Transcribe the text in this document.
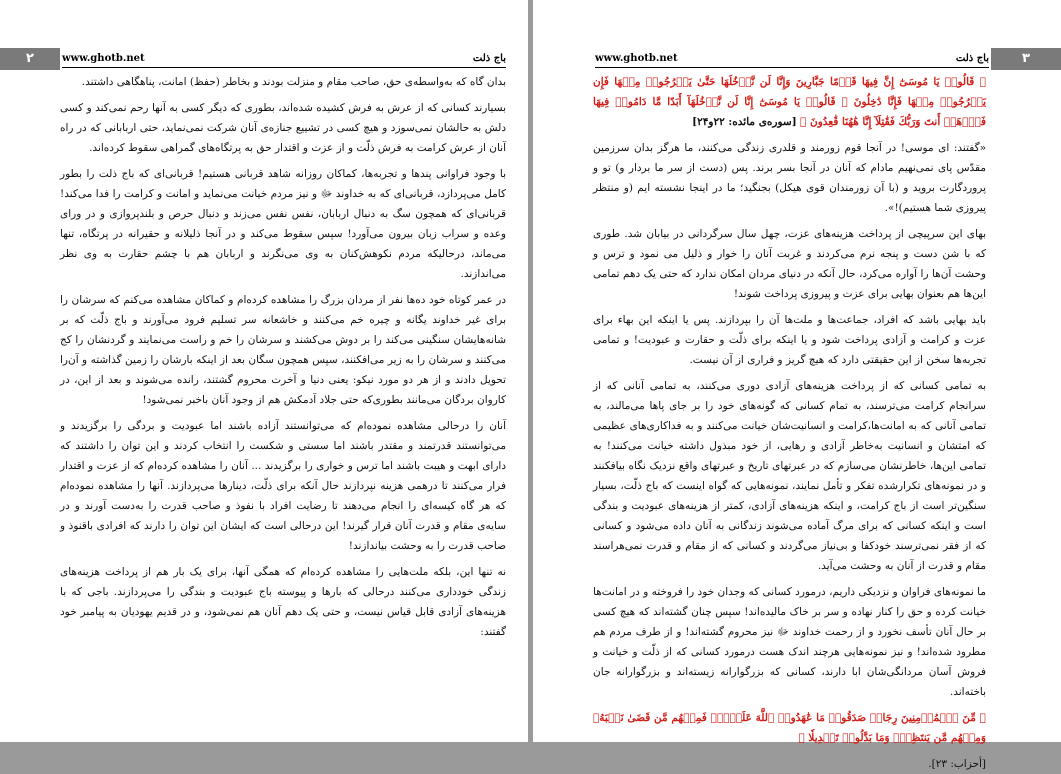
۲	www.ghotb.net	باج ذلت

بدان گاه که به‌واسطه‌ی حق، صاحب مقام و منزلت بودند و بخاطر (حفظ) امانت، پناهگاهی داشتند.

بسیارند کسانی که از عرش به فرش کشیده شده‌اند، بطوری که دیگر کسی به آنها رحم نمی‌کند و کسی دلش به حالشان نمی‌سوزد و هیچ کسی در تشییع جنازه‌ی آنان شرکت نمی‌نماید، حتی اربابانی که در راه آنان از عرش کرامت به فرش ذلّت و از عزت و اقتدار حق به پرتگاه‌های گمراهی سقوط کرده‌اند.

با وجود فراوانی پندها و تجربه‌ها، کماکان روزانه شاهد قربانی هستیم! قربانی‌ای که باج ذلت را بطور کامل می‌پردازد، قربانی‌ای که به خداوند ﷻ و نیز مردم خیانت می‌نماید و امانت و کرامت را فدا می‌کند! قربانی‌ای که همچون سگ به دنبال اربابان، نفس نفس می‌زند و دنبال حرص و بلندپروازی و در ورای وعده و سراب زبان بیرون می‌آورد! سپس سقوط می‌کند و در آنجا ذلیلانه و حقیرانه در پرتگاه، تنها می‌ماند، درحالیکه مردم نکوهش‌کنان به وی می‌نگرند و اربابان هم با چشم حقارت به وی نظر می‌اندازند.

در عمر کوتاه خود ده‌ها نفر از مردان بزرگ را مشاهده کرده‌ام و کماکان مشاهده می‌کنم که سرشان را برای غیر خداوند یگانه و چیره خم می‌کنند و خاشعانه سر تسلیم فرود می‌آورند و باج ذلّت که بر شانه‌هایشان سنگینی می‌کند را بر دوش می‌کشند و سرشان را خم و راست می‌نمایند و گردنشان را کج می‌کنند و سرشان را به زیر می‌افکنند، سپس همچون سگان بعد از اینکه بارشان را زمین گذاشته و آن‌را تحویل دادند و از هر دو مورد نیکو: یعنی دنیا و آخرت محروم گشتند، رانده می‌شوند و بعد از این، در کاروان بردگان می‌مانند بطوری‌که حتی جلاد آدمکش هم از وجود آنان باخبر نمی‌شود!

آنان را درحالی مشاهده نموده‌ام که می‌توانستند آزاده باشند اما عبودیت و بردگی را برگزیدند و می‌توانستند قدرتمند و مقتدر باشند اما سستی و شکست را انتخاب کردند و این توان را داشتند که دارای ابهت و هیبت باشند اما ترس و خواری را برگزیدند ... آنان را مشاهده کرده‌ام که از عزت و اقتدار فرار می‌کنند تا درهمی هزینه نپردازند حال آنکه برای ذلّت، دینارها می‌پردازند. آنها را مشاهده نموده‌ام که هر گاه کیسه‌ای را انجام می‌دهند تا رضایت افراد با نفوذ و صاحب قدرت را به‌دست آورند و در سایه‌ی مقام و قدرت آنان قرار گیرند! این درحالی است که ایشان این توان را دارند که افرادی باقنوذ و صاحب قدرت را به وحشت بیاندازند!

نه تنها این، بلکه ملت‌هایی را مشاهده کرده‌ام که همگی آنها، برای یک بار هم از پرداخت هزینه‌های زندگی خودداری می‌کنند درحالی که بارها و پیوسته باج عبودیت و بندگی را می‌پردازند. باجی که با هزینه‌های آزادی قابل قیاس نیست، و حتی یک دهم آنان هم نمی‌شود، و در قدیم یهودیان به پیامبر خود گفتند:

۳
www.ghotb.net	باج ذلت

﴿ قَالُوا۟ یَا مُوسَىٰٓ إِنَّ فِیهَا قَوۡمًا جَبَّارِینَ وَإِنَّا لَن نَّدۡخُلَهَا حَتَّىٰ یَخۡرُجُوا۟ مِنۡهَا فَإِن یَخۡرُجُوا۟ مِنۡهَا فَإِنَّا دَٰخِلُونَ ۞ قَالُوا۟ یَا مُوسَىٰٓ إِنَّا لَن نَّدۡخُلَهَآ أَبَدًا مَّا دَامُوا۟ فِیهَا فَٱذۡهَبۡ أَنتَ وَرَبُّكَ فَقَٰتِلَآ إِنَّا هَٰهُنَا قَٰعِدُونَ ﴾ [سوره‌ی مائده: ۲۲و۲۴]

«گفتند: ای موسی! در آنجا قوم زورمند و قلدری زندگی می‌کنند، ما هرگز بدان سرزمین مقدّس پای نمی‌نهیم مادام که آنان در آنجا بسر برند. پس (دست از سر ما بردار و) تو و پروردگارت بروید و (با آن زورمندان قوی هیکل) بجنگید؛ ما در اینجا نشسته ایم (و منتظر پیروزی شما هستیم)!».

بهای این سرپیچی از پرداخت هزینه‌های عزت، چهل سال سرگردانی در بیابان شد. طوری که با شن دست و پنجه نرم می‌کردند و غربت آنان را خوار و ذلیل می نمود و ترس و وحشت آن‌ها را آواره می‌کرد، حال آنکه در دنیای مردان امکان ندارد که حتی یک دهم تمامی این‌ها هم بعنوان بهایی برای عزت و پیروزی پرداخت شوند!

باید بهایی باشد که افراد، جماعت‌ها و ملت‌ها آن را بپردازند. پس یا اینکه این بهاء برای عزت و کرامت و آزادی پرداخت شود و یا اینکه برای ذلّت و حقارت و عبودیت! و تمامی تجربه‌ها سخن از این حقیقتی دارد که هیچ گریز و فراری از آن نیست.

به تمامی کسانی که از پرداخت هزینه‌های آزادی دوری می‌کنند، به تمامی آنانی که از سرانجام کرامت می‌ترسند، به تمام کسانی که گونه‌های خود را بر جای پاها می‌مالند، به تمامی آنانی که به امانت‌ها،کرامت و انسانیت‌شان خیانت می‌کنند و به فداکاری‌های عظیمی که امتشان و انسانیت به‌خاطر آزادی و رهایی، از خود مبذول داشته خیانت می‌کنند! به تمامی این‌ها، خاطرنشان می‌سازم که در عبرتهای تاریخ و عبرتهای واقع نزدیک نگاه بیافکنند و در نمونه‌های تکرارشده تفکر و تأمل نمایند، نمونه‌هایی که گواه اینست که باج ذلّت، بسیار سنگین‌تر است از باج کرامت، و اینکه هزینه‌های آزادی، کمتر از هزینه‌های عبودیت و بندگی است و اینکه کسانی که برای مرگ آماده می‌شوند زندگانی به آنان داده می‌شود و کسانی که از فقر نمی‌ترسند خودکفا و بی‌نیاز می‌گردند و کسانی که از مقام و قدرت نمی‌هراسند مقام و قدرت از آنان به وحشت می‌آید.

ما نمونه‌های فراوان و نزدیکی داریم، درمورد کسانی که وجدان خود را فروخته و در امانت‌ها خیانت کرده و حق را کنار نهاده و سر بر خاک مالیده‌اند! سپس چنان گشته‌اند که هیچ کسی بر حال آنان تأسف نخورد و از رحمت خداوند ﷻ نیز محروم گشته‌اند! و از طرف مردم هم مطرود شده‌اند! و نیز نمونه‌هایی هرچند اندک هست درمورد کسانی که از ذلّت و خیانت و فروش آسان مردانگی‌شان ابا دارند، کسانی که بزرگوارانه زیسته‌اند و بزرگوارانه جان باخته‌اند.

﴿ مِّنَ ٱلۡمُؤۡمِنِینَ رِجَالٞ صَدَقُوا۟ مَا عَٰهَدُوا۟ ٱللَّهَ عَلَیۡهِۖ فَمِنۡهُم مَّن قَضَىٰ نَحۡبَهُۥ وَمِنۡهُم مَّن یَنتَظِرُۖ وَمَا بَدَّلُوا۟ تَبۡدِیلٗا ﴾

[أحزاب: ۲۳].
